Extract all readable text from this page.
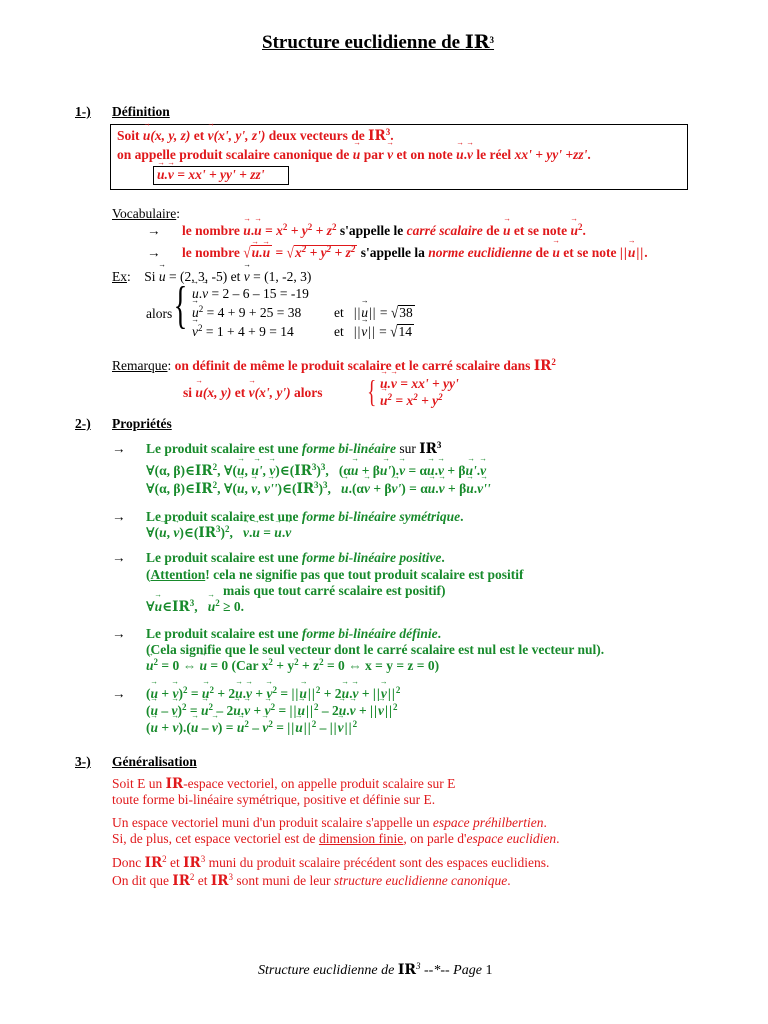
Structure euclidienne de $IR^3$
1-) Définition
Soit → u(x, y, z) et → v(x', y', z') deux vecteurs de $IR^3$.
on appelle produit scalaire canonique de → u par → v et on note → u.→ v le réel xx' + yy' +zz'.
→ u.→ v = xx' + yy' + zz'
Vocabulaire:
→ le nombre → $u.\to u = x^2 + y^2 + z^2$ s'appelle le carré scalaire de → u et se note → $u^2$.
→ le nombre √→ $u.\to u = √x^2 + y^2 + z^2$ s'appelle la norme euclidienne de → u et se note ||→ u||.
Ex: Si → u = (2, 3, -5) et → v = (1, -2, 3)
alors { → u.→ v = 2 – 6 – 15 = -19
→ $u^2 = 4 + 9 + 25 = 38$
→ $v^2 = 1 + 4 + 9 = 14$
et ||→ u|| = √38
et ||→ v|| = √14
Remarque: on définit de même le produit scalaire et le carré scalaire dans $IR^2$
si → u(x, y) et → v(x', y') alors { → u.→ v = xx' + yy'
→ $u^2 = x^2 + y^2$
2-) Propriétés
→ Le produit scalaire est une forme bi-linéaire sur $IR^3$
∀(α, $\beta)\in IR^2$, ∀(→ u, → u', → $v)\in(IR^3)^3$,   (α→ u + β→ u').→ v = α→ u.→ v + β→ u'.→ v
∀(α, $\beta)\in IR^2$, ∀(→ u, → v, → $v'')\in(IR^3)^3$,   → u.(α→ v + β→ v') = α→ u.→ v + β→ u.→ v''
→ Le produit scalaire est une forme bi-linéaire symétrique.
∀(→ u, → $v)\in(IR^3)^2$,   → v.→ u = → u.→ v
→ Le produit scalaire est une forme bi-linéaire positive.
(Attention! cela ne signifie pas que tout produit scalaire est positif
mais que tout carré scalaire est positif)
∀→ $u\in IR^3$,   → $u^2 \ge 0$.
→ Le produit scalaire est une forme bi-linéaire définie.
(Cela signifie que le seul vecteur dont le carré scalaire est nul est le vecteur nul).
→ $u^2 = 0$ ⇔ → u = 0 (Car $x^2 + y^2 + z^2 = 0$ ⇔ x = y = z = 0)
→ (→ u + → v)$^2$ = → $u^2 + 2\to u.\to v$ + → $v^2$ = ||→ $u||^2 + 2\to u.\to v$ + ||→ $v||^2$
(→ u – → v)$^2$ = → $u^2 - 2\to u.\to v$ + → $v^2$ = ||→ $u||^2 - 2\to u.\to v$ + ||→ $v||^2$
(→ u + → v).(→ u – → v) = → $u^2$ – → $v^2$ = ||→ $u||^2$ – ||→ $v||^2$
3-) Généralisation
Soit E un IR-espace vectoriel, on appelle produit scalaire sur E
toute forme bi-linéaire symétrique, positive et définie sur E.
Un espace vectoriel muni d'un produit scalaire s'appelle un espace préhilbertien.
Si, de plus, cet espace vectoriel est de dimension finie, on parle d'espace euclidien.
Donc $IR^2$ et $IR^3$ muni du produit scalaire précédent sont des espaces euclidiens.
On dit que $IR^2$ et $IR^3$ sont muni de leur structure euclidienne canonique.
Structure euclidienne de $IR^3$ --*-- Page 1
